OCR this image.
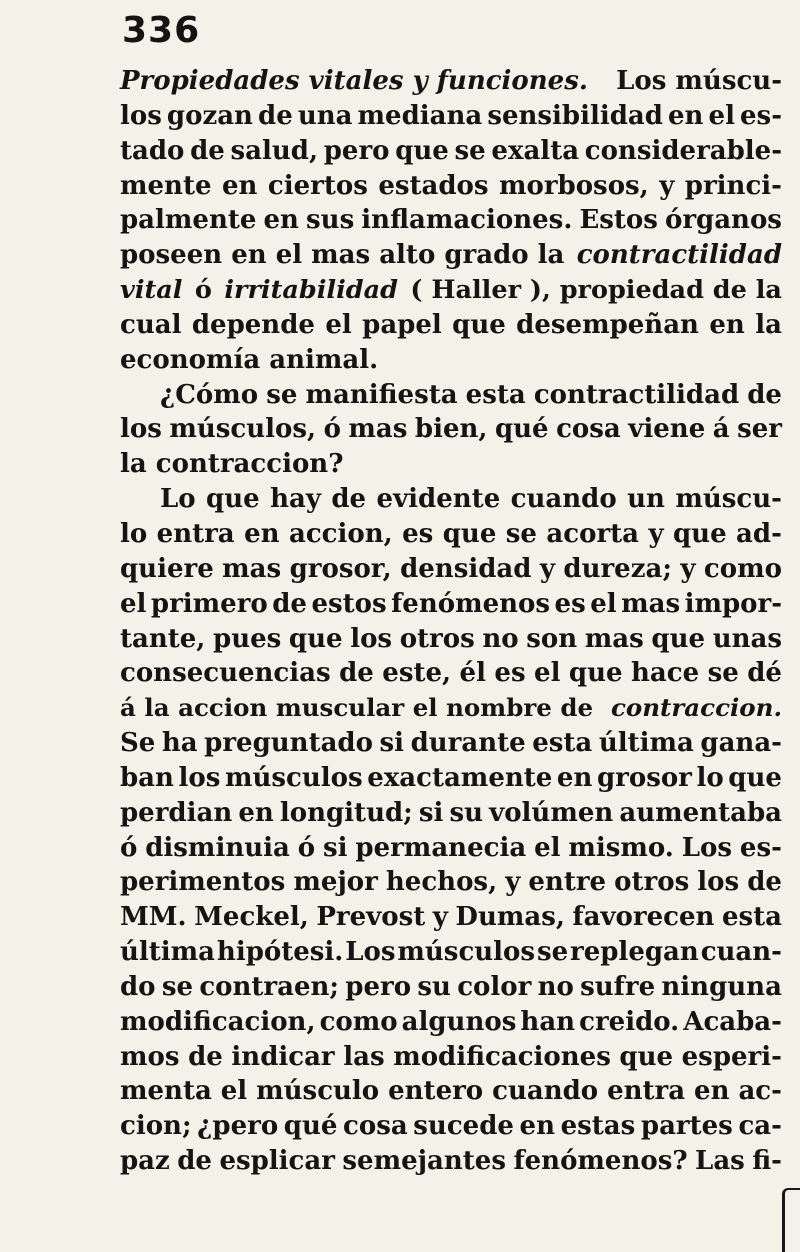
336
Propiedades vitales y funciones. Los múscu-
los gozan de una mediana sensibilidad en el es-
tado de salud, pero que se exalta considerable-
mente en ciertos estados morbosos, y princi-
palmente en sus inflamaciones. Estos órganos
poseen en el mas alto grado la
contractilidad
vital
ó
irritabilidad
( Haller ), propiedad de la
cual depende el papel que desempeñan en la
economía animal.
¿Cómo se manifiesta esta contractilidad de
los músculos, ó mas bien, qué cosa viene á ser
la contraccion?
Lo que hay de evidente cuando un múscu-
lo entra en accion, es que se acorta y que ad-
quiere mas grosor, densidad y dureza; y como
el primero de estos fenómenos es el mas impor-
tante, pues que los otros no son mas que unas
consecuencias de este, él es el que hace se dé
á la accion muscular el nombre de
contraccion.
Se ha preguntado si durante esta última gana-
ban los músculos exactamente en grosor lo que
perdian en longitud; si su volúmen aumentaba
ó disminuia ó si permanecia el mismo. Los es-
perimentos mejor hechos, y entre otros los de
MM. Meckel, Prevost y Dumas, favorecen esta
última hipótesi. Los músculos se replegan cuan-
do se contraen; pero su color no sufre ninguna
modificacion, como algunos han creido. Acaba-
mos de indicar las modificaciones que esperi-
menta el músculo entero cuando entra en ac-
cion; ¿pero qué cosa sucede en estas partes ca-
paz de esplicar semejantes fenómenos? Las fi-
